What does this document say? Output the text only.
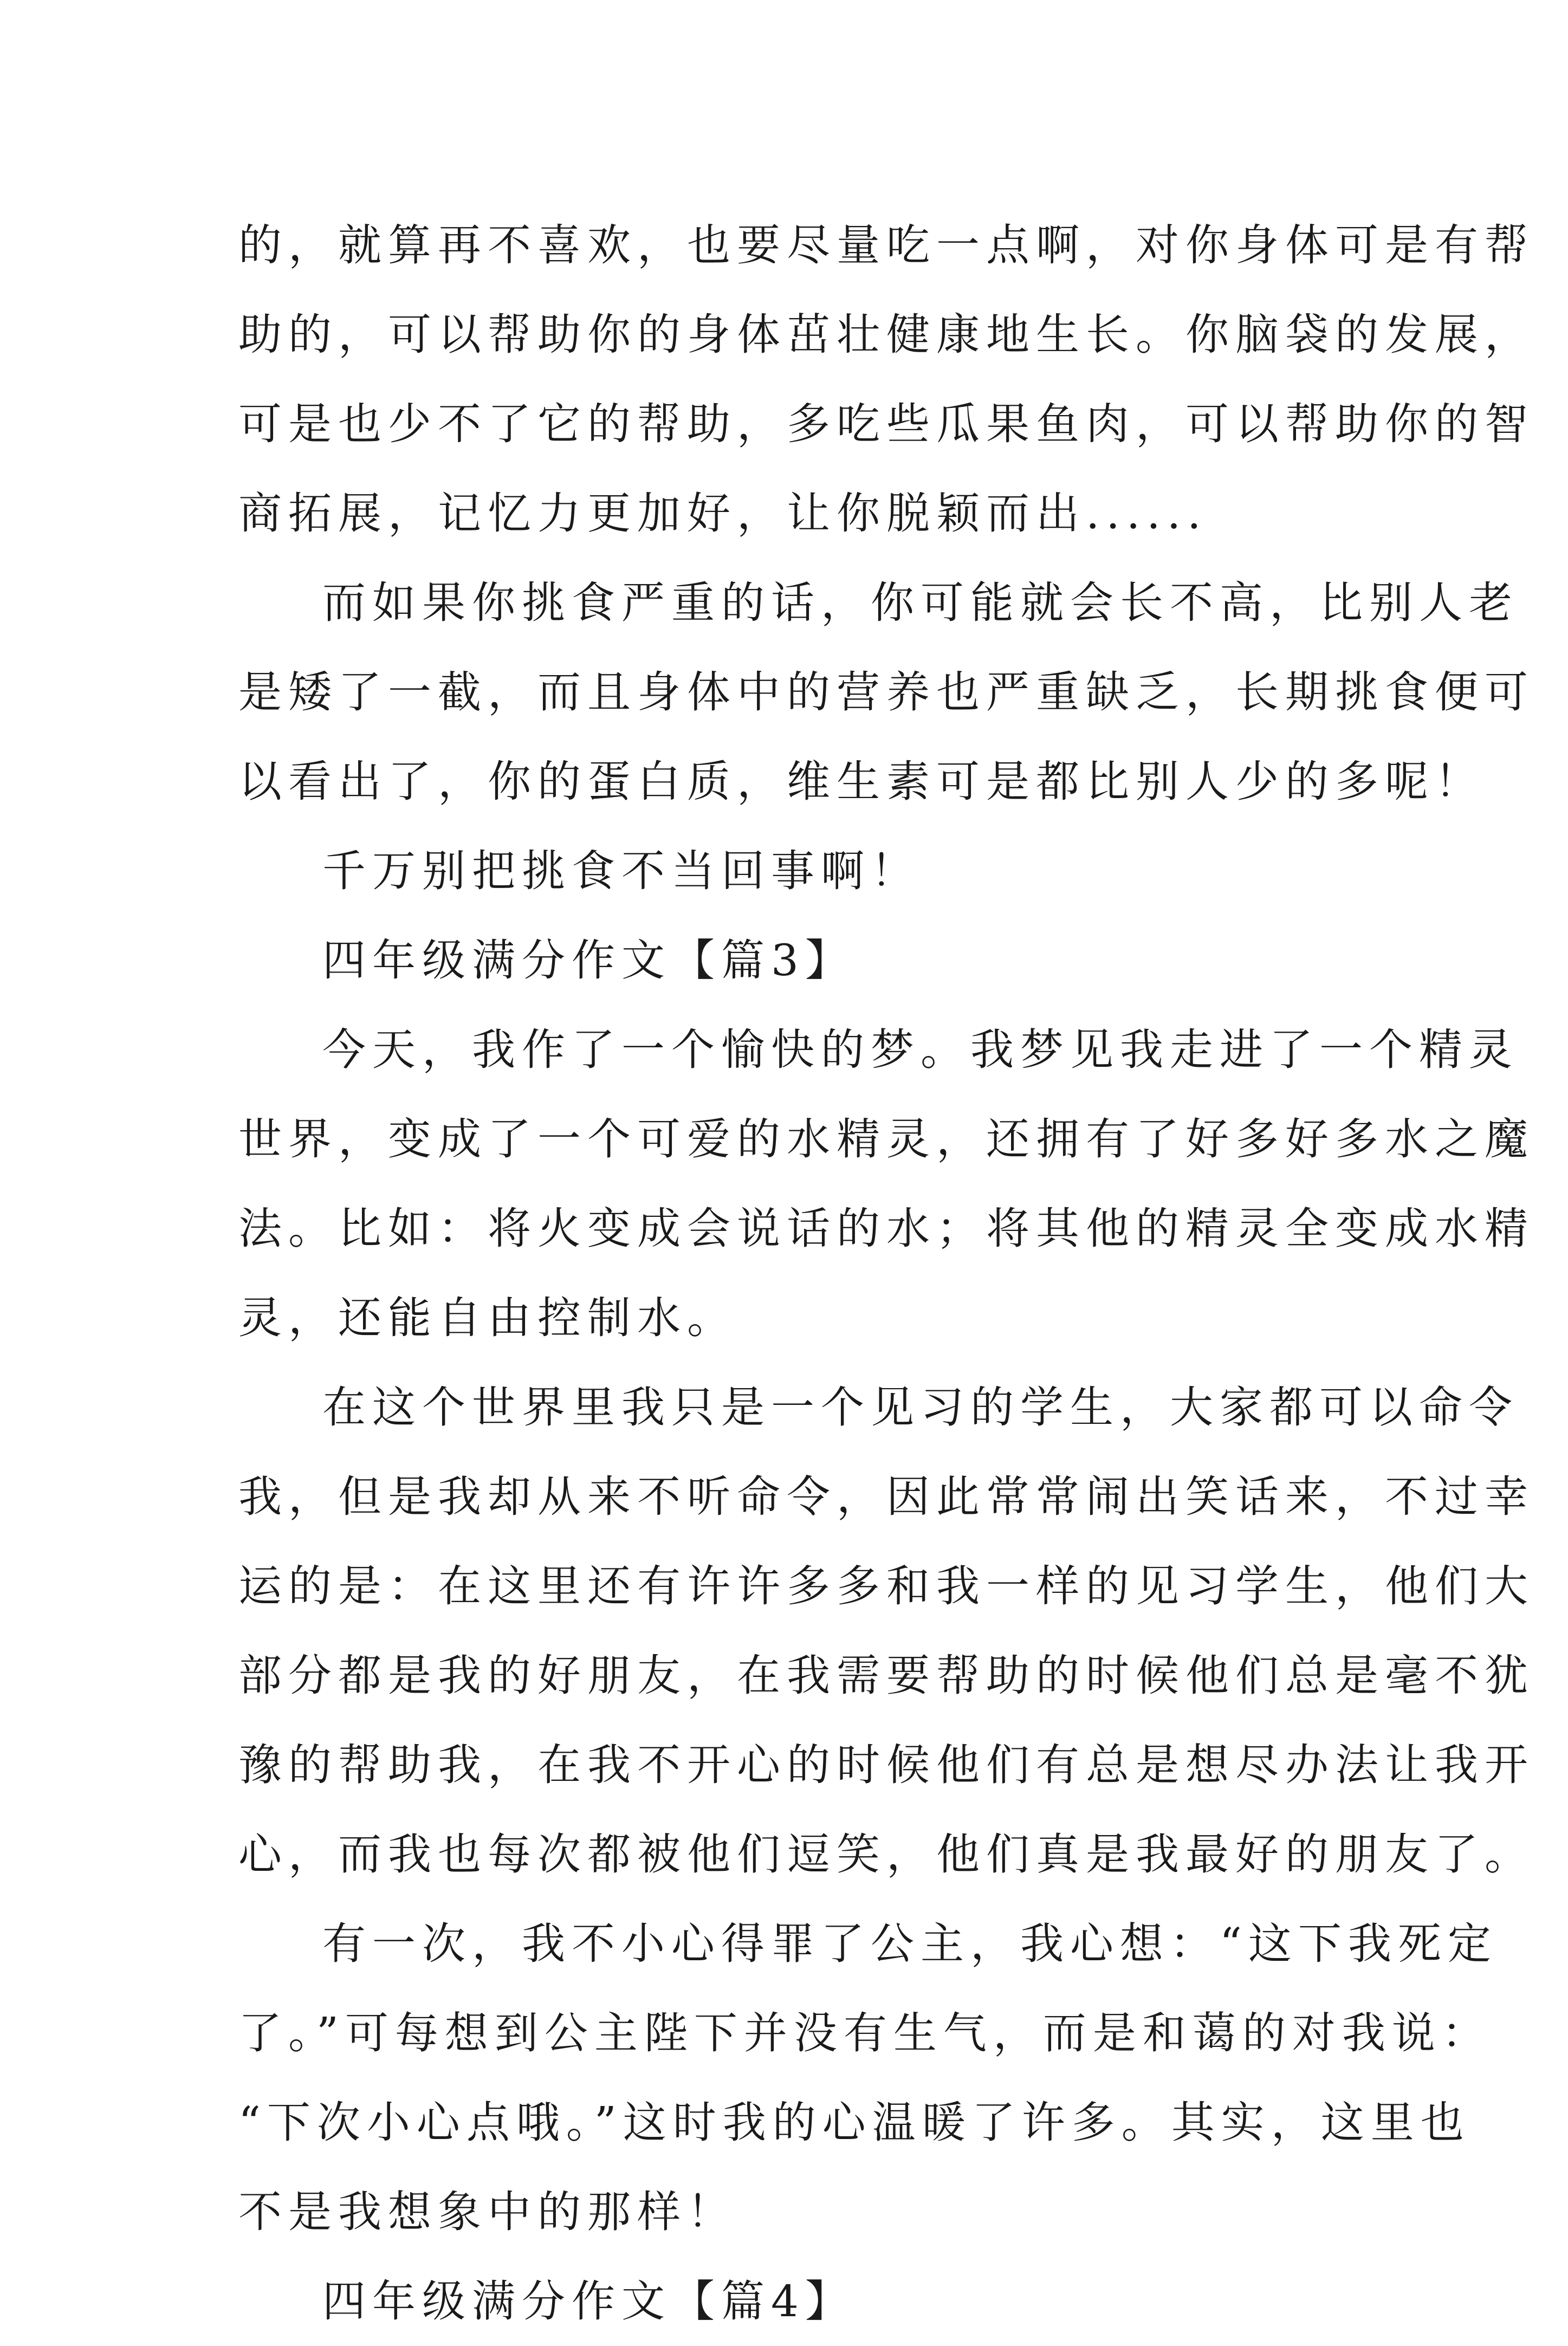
的，就算再不喜欢，也要尽量吃一点啊，对你身体可是有帮
助的，可以帮助你的身体茁壮健康地生长。你脑袋的发展，
可是也少不了它的帮助，多吃些瓜果鱼肉，可以帮助你的智
商拓展，记忆力更加好，让你脱颖而出......
而如果你挑食严重的话，你可能就会长不高，比别人老
是矮了一截，而且身体中的营养也严重缺乏，长期挑食便可
以看出了，你的蛋白质，维生素可是都比别人少的多呢！
千万别把挑食不当回事啊！
四年级满分作文【篇3】
今天，我作了一个愉快的梦。我梦见我走进了一个精灵
世界，变成了一个可爱的水精灵，还拥有了好多好多水之魔
法。比如：将火变成会说话的水；将其他的精灵全变成水精
灵，还能自由控制水。
在这个世界里我只是一个见习的学生，大家都可以命令
我，但是我却从来不听命令，因此常常闹出笑话来，不过幸
运的是：在这里还有许许多多和我一样的见习学生，他们大
部分都是我的好朋友，在我需要帮助的时候他们总是毫不犹
豫的帮助我，在我不开心的时候他们有总是想尽办法让我开
心，而我也每次都被他们逗笑，他们真是我最好的朋友了。
有一次，我不小心得罪了公主，我心想：“这下我死定
了。”可每想到公主陛下并没有生气，而是和蔼的对我说：
“下次小心点哦。”这时我的心温暖了许多。其实，这里也
不是我想象中的那样！
四年级满分作文【篇4】
